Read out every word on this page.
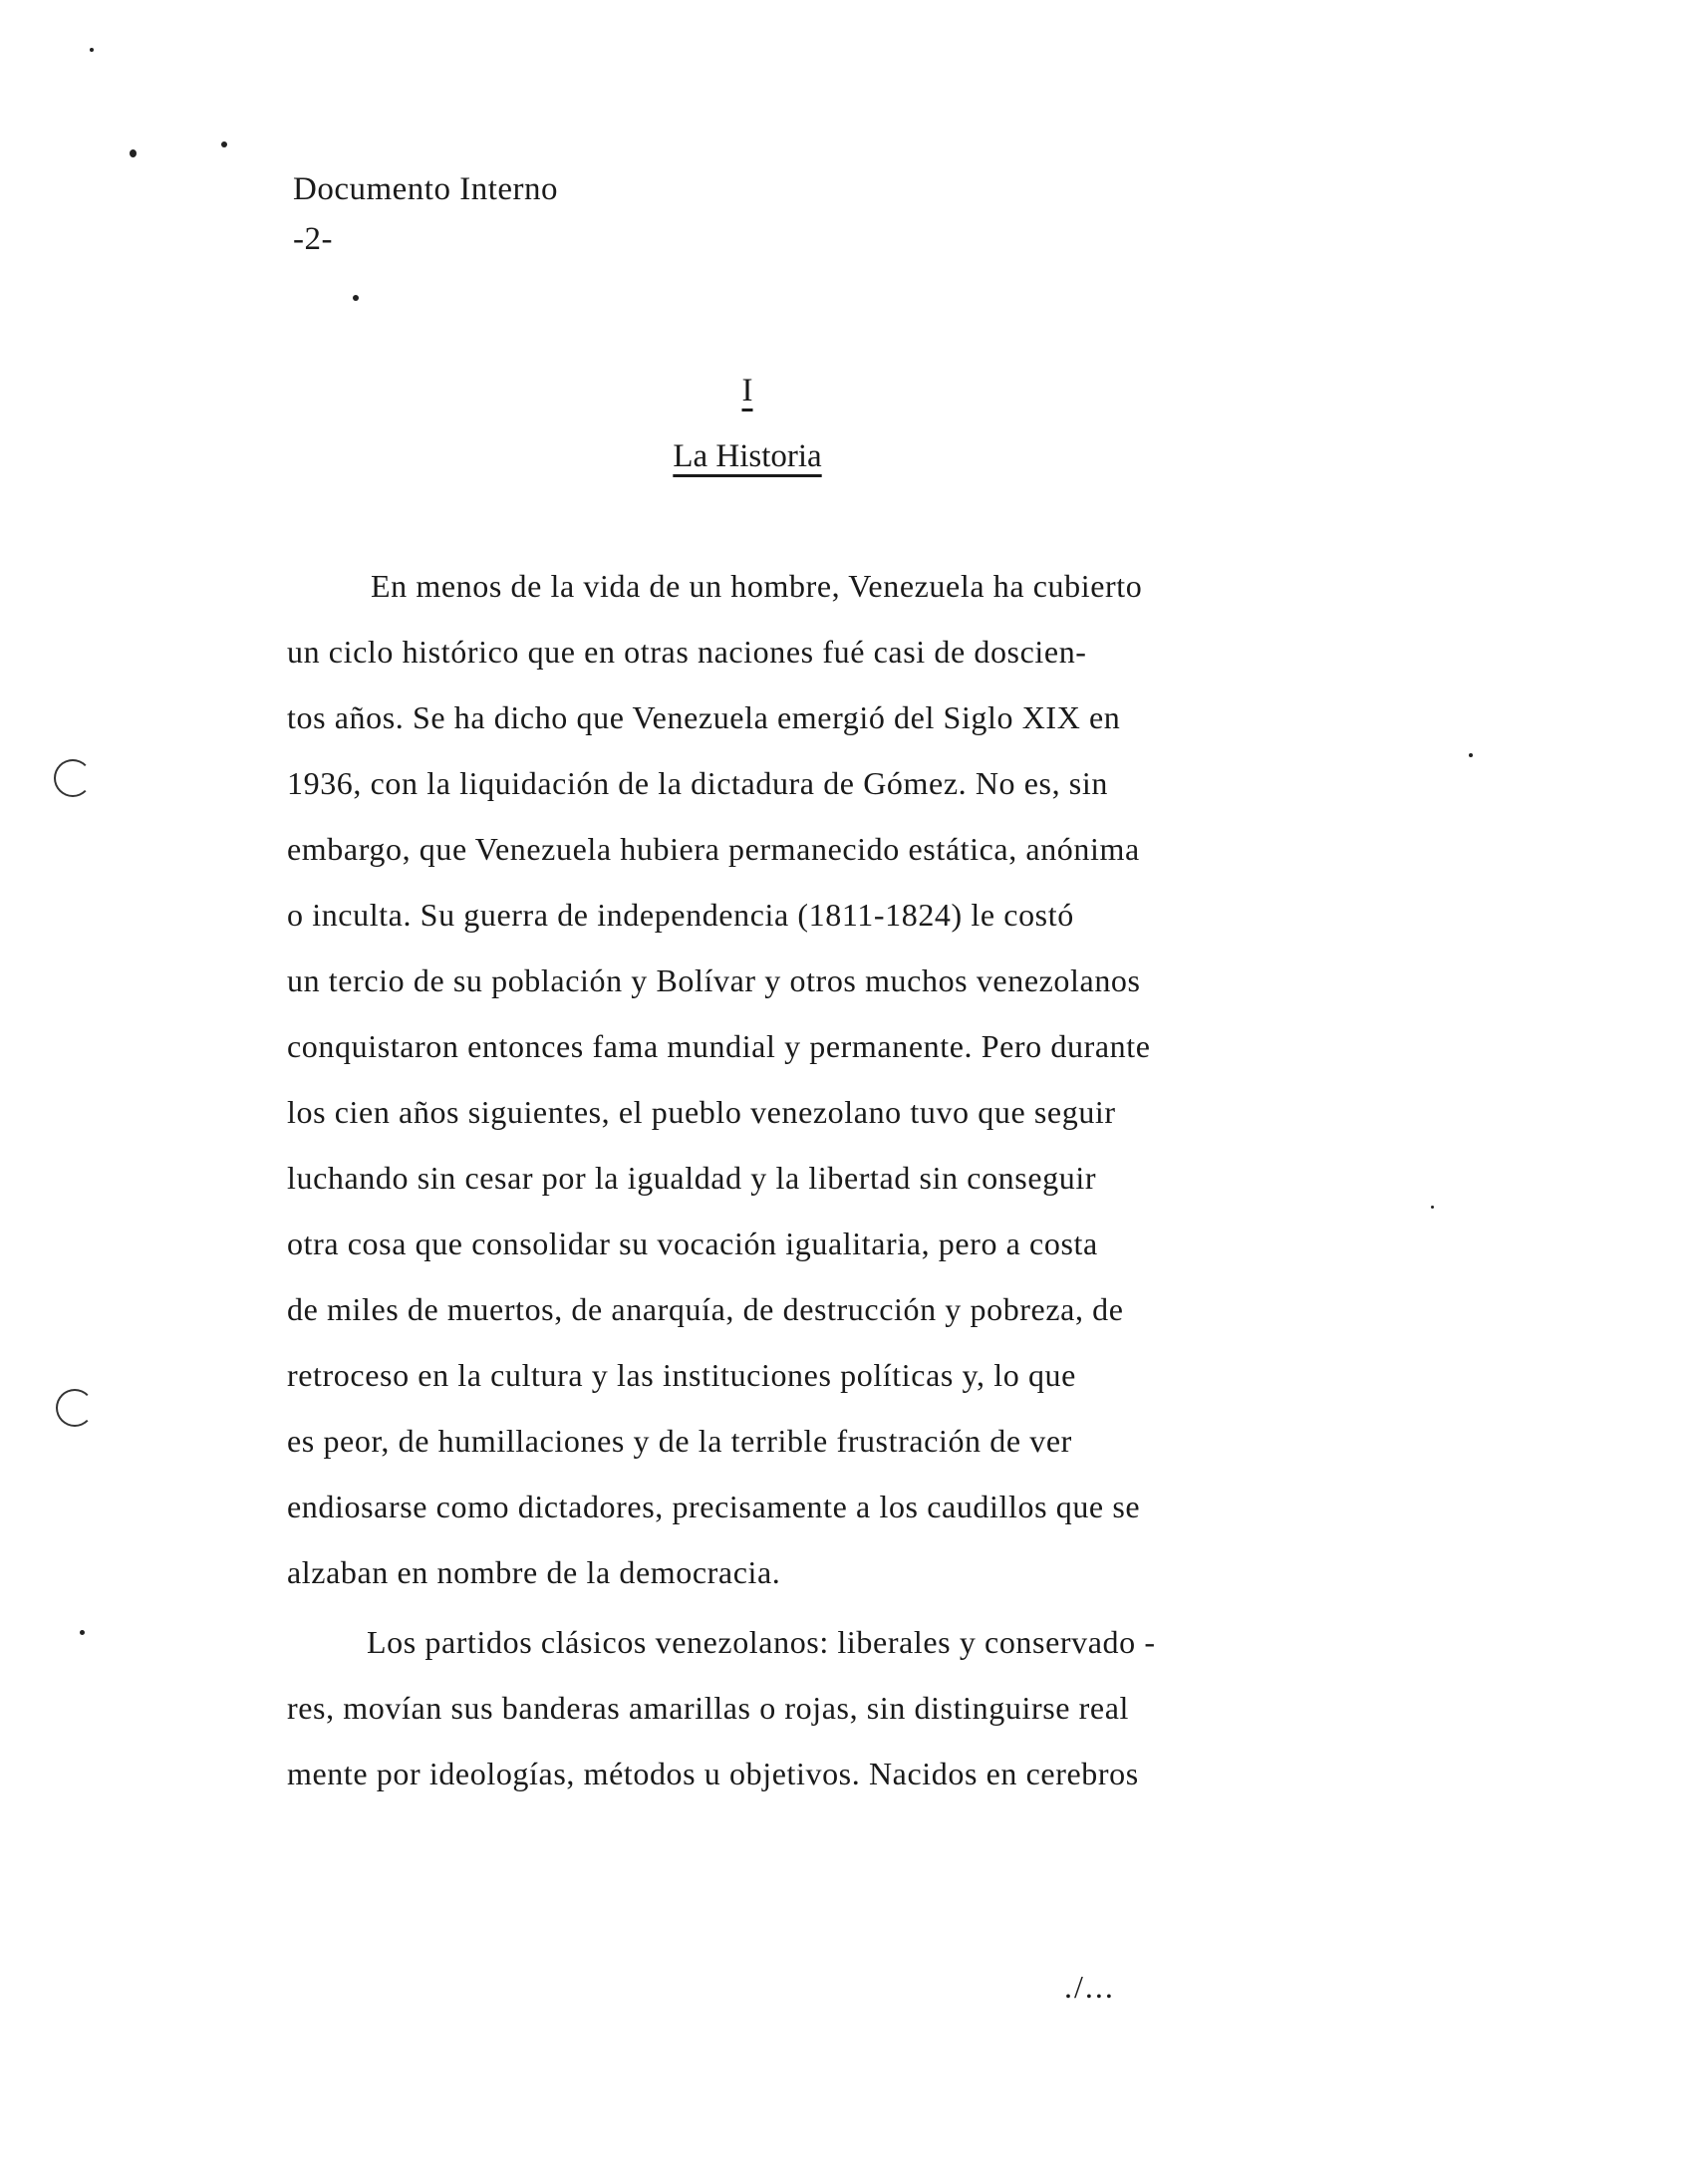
Documento Interno
-2-
I
La Historia
En menos de la vida de un hombre, Venezuela ha cubierto
un ciclo histórico que en otras naciones fué casi de doscien-
tos años. Se ha dicho que Venezuela emergió del Siglo XIX en
1936, con la liquidación de la dictadura de Gómez. No es, sin
embargo, que Venezuela hubiera permanecido estática, anónima
o inculta. Su guerra de independencia (1811-1824) le costó
un tercio de su población y Bolívar y otros muchos venezolanos
conquistaron entonces fama mundial y permanente. Pero durante
los cien años siguientes, el pueblo venezolano tuvo que seguir
luchando sin cesar por la igualdad y la libertad sin conseguir
otra cosa que consolidar su vocación igualitaria, pero a costa
de miles de muertos, de anarquía, de destrucción y pobreza, de
retroceso en la cultura y las instituciones políticas y, lo que
es peor, de humillaciones y de la terrible frustración de ver
endiosarse como dictadores, precisamente a los caudillos que se
alzaban en nombre de la democracia.
Los partidos clásicos venezolanos: liberales y conservado -
res, movían sus banderas amarillas o rojas, sin distinguirse real
mente por ideologías, métodos u objetivos. Nacidos en cerebros
./...
